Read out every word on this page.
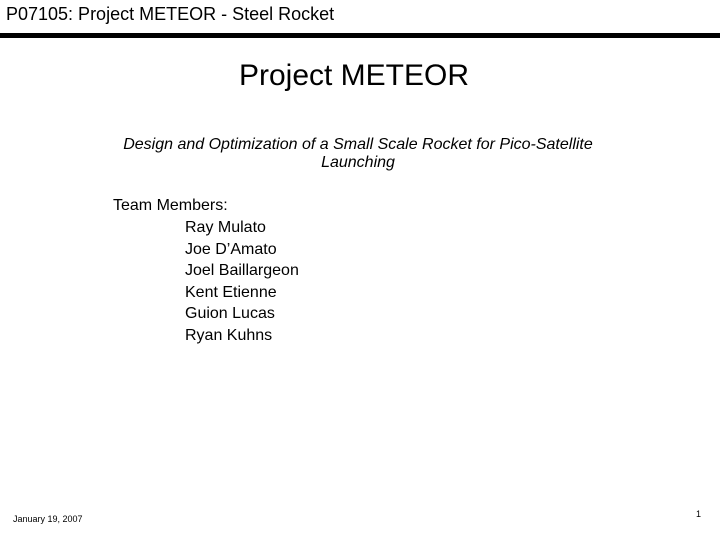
P07105: Project METEOR - Steel Rocket
Project METEOR
Design and Optimization of a Small Scale Rocket for Pico-Satellite Launching
Team Members:
Ray Mulato
Joe D’Amato
Joel Baillargeon
Kent Etienne
Guion Lucas
Ryan Kuhns
January 19, 2007	1
